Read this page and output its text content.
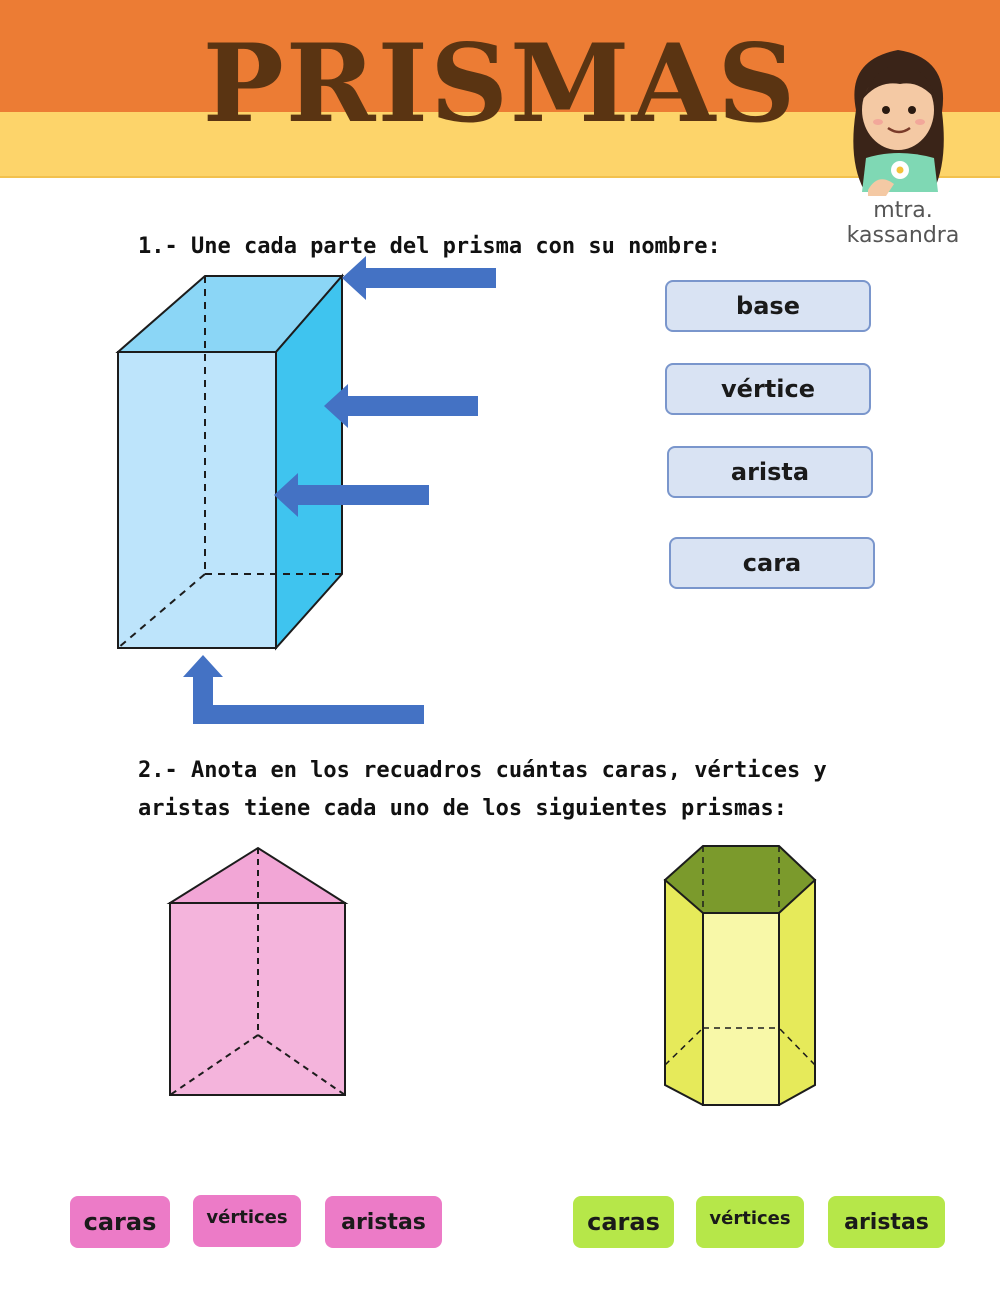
PRISMAS
mtra. kassandra
1.- Une cada parte del prisma con su nombre:
base
vértice
arista
cara
2.- Anota en los recuadros cuántas caras, vértices y
aristas tiene cada uno de los siguientes prismas:
caras	vértices	aristas	caras	vértices	aristas
